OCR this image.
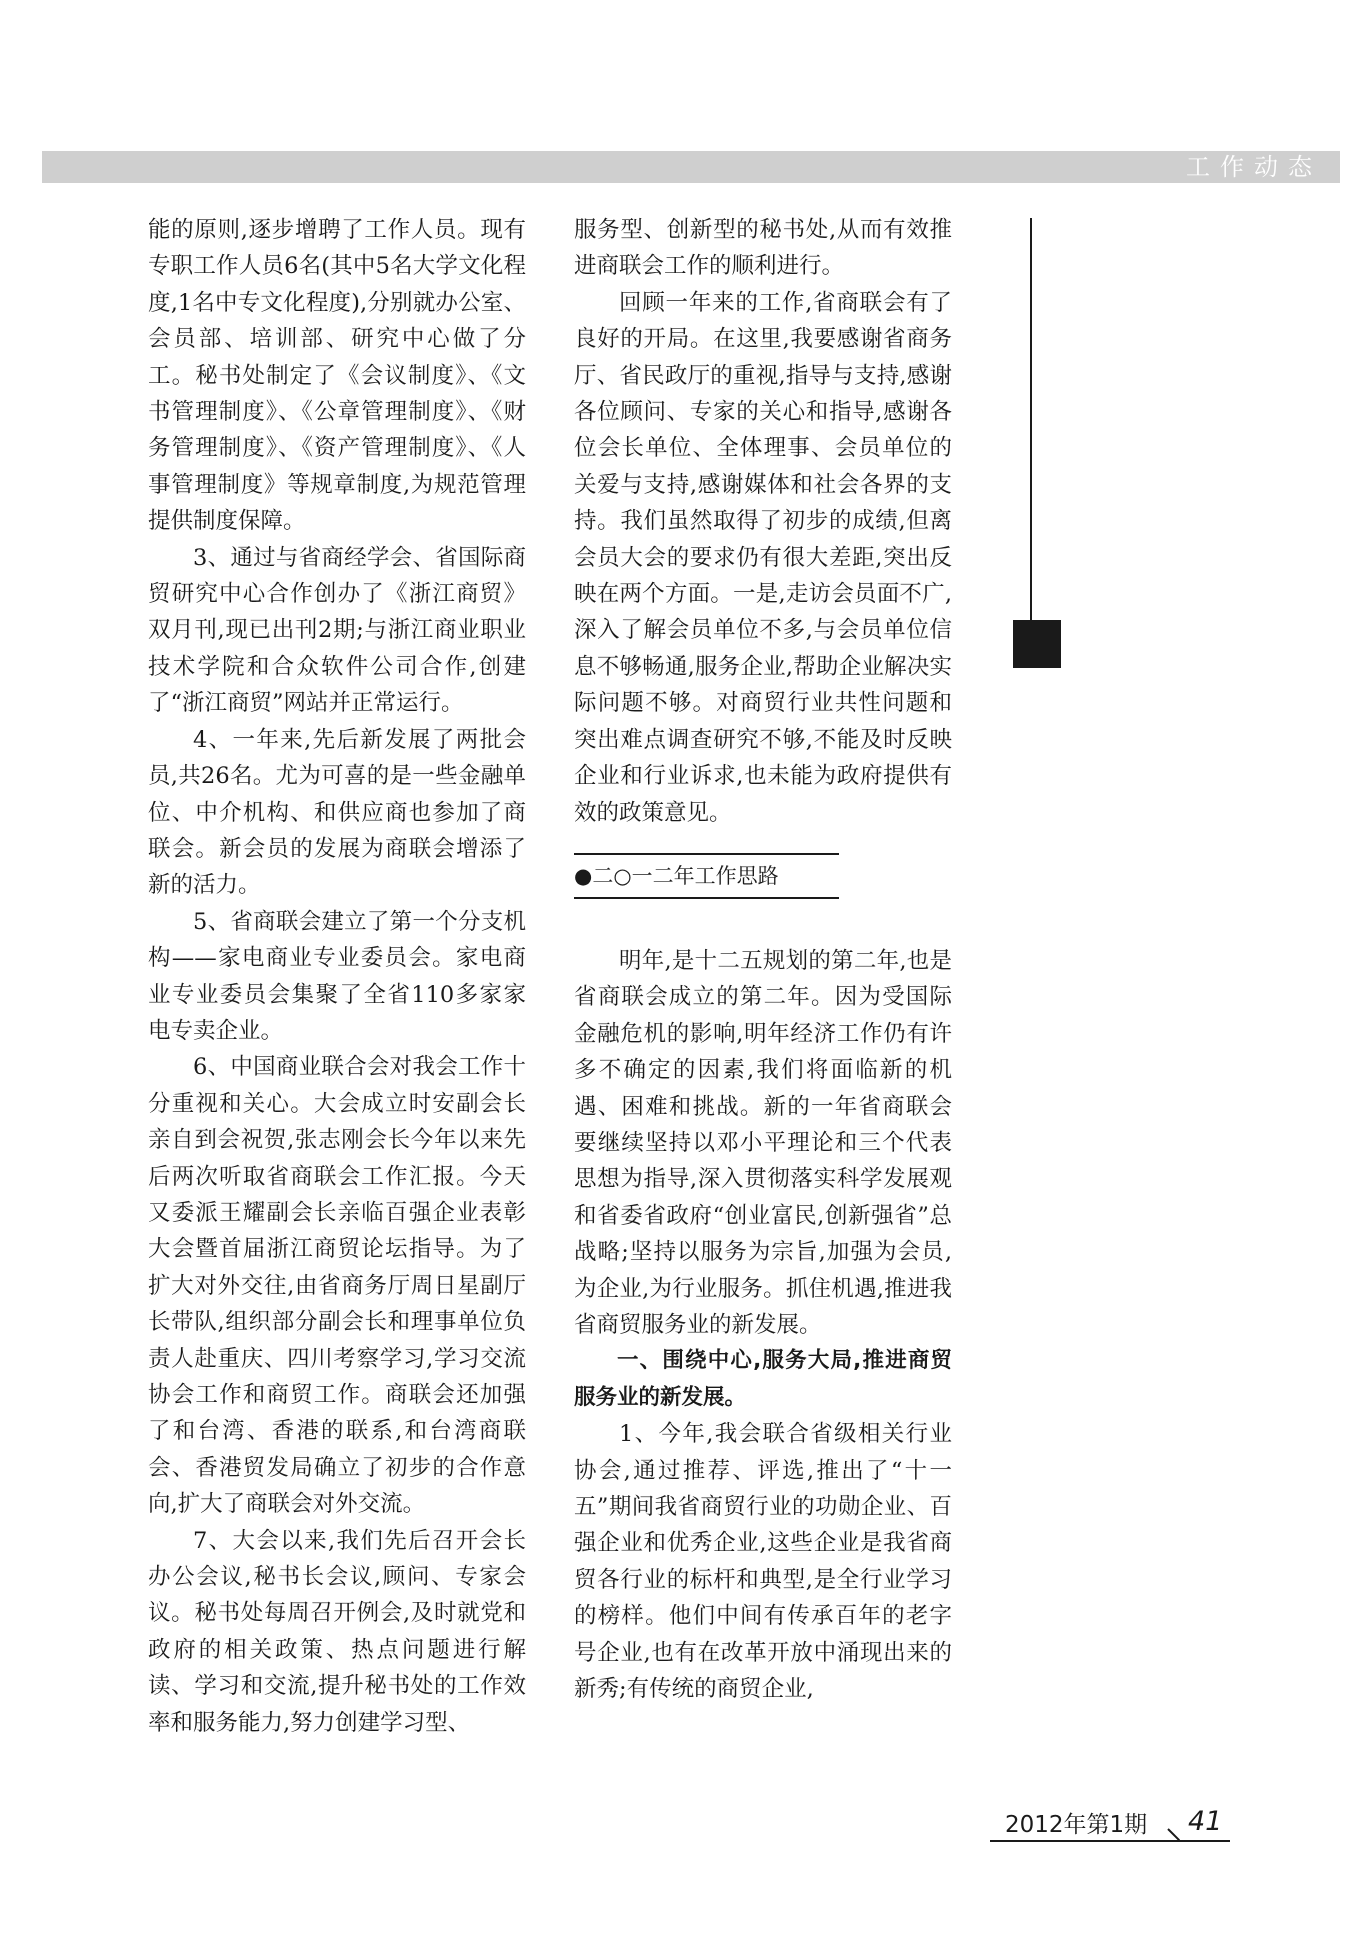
工作动态

能的原则,逐步增聘了工作人员。现有专职工作人员6名(其中5名大学文化程度,1名中专文化程度),分别就办公室、会员部、培训部、研究中心做了分工。秘书处制定了《会议制度》、《文书管理制度》、《公章管理制度》、《财务管理制度》、《资产管理制度》、《人事管理制度》等规章制度,为规范管理提供制度保障。

3、通过与省商经学会、省国际商贸研究中心合作创办了《浙江商贸》双月刊,现已出刊2期;与浙江商业职业技术学院和合众软件公司合作,创建了“浙江商贸”网站并正常运行。

4、一年来,先后新发展了两批会员,共26名。尤为可喜的是一些金融单位、中介机构、和供应商也参加了商联会。新会员的发展为商联会增添了新的活力。

5、省商联会建立了第一个分支机构——家电商业专业委员会。家电商业专业委员会集聚了全省110多家家电专卖企业。

6、中国商业联合会对我会工作十分重视和关心。大会成立时安副会长亲自到会祝贺,张志刚会长今年以来先后两次听取省商联会工作汇报。今天又委派王耀副会长亲临百强企业表彰大会暨首届浙江商贸论坛指导。为了扩大对外交往,由省商务厅周日星副厅长带队,组织部分副会长和理事单位负责人赴重庆、四川考察学习,学习交流协会工作和商贸工作。商联会还加强了和台湾、香港的联系,和台湾商联会、香港贸发局确立了初步的合作意向,扩大了商联会对外交流。

7、大会以来,我们先后召开会长办公会议,秘书长会议,顾问、专家会议。秘书处每周召开例会,及时就党和政府的相关政策、热点问题进行解读、学习和交流,提升秘书处的工作效率和服务能力,努力创建学习型、

服务型、创新型的秘书处,从而有效推进商联会工作的顺利进行。

回顾一年来的工作,省商联会有了良好的开局。在这里,我要感谢省商务厅、省民政厅的重视,指导与支持,感谢各位顾问、专家的关心和指导,感谢各位会长单位、全体理事、会员单位的关爱与支持,感谢媒体和社会各界的支持。我们虽然取得了初步的成绩,但离会员大会的要求仍有很大差距,突出反映在两个方面。一是,走访会员面不广,深入了解会员单位不多,与会员单位信息不够畅通,服务企业,帮助企业解决实际问题不够。对商贸行业共性问题和突出难点调查研究不够,不能及时反映企业和行业诉求,也未能为政府提供有效的政策意见。

●二○一二年工作思路

明年,是十二五规划的第二年,也是省商联会成立的第二年。因为受国际金融危机的影响,明年经济工作仍有许多不确定的因素,我们将面临新的机遇、困难和挑战。新的一年省商联会要继续坚持以邓小平理论和三个代表思想为指导,深入贯彻落实科学发展观和省委省政府“创业富民,创新强省”总战略;坚持以服务为宗旨,加强为会员,为企业,为行业服务。抓住机遇,推进我省商贸服务业的新发展。

一、围绕中心,服务大局,推进商贸服务业的新发展。

1、今年,我会联合省级相关行业协会,通过推荐、评选,推出了“十一五”期间我省商贸行业的功勋企业、百强企业和优秀企业,这些企业是我省商贸各行业的标杆和典型,是全行业学习的榜样。他们中间有传承百年的老字号企业,也有在改革开放中涌现出来的新秀;有传统的商贸企业,

2012年第1期 41
